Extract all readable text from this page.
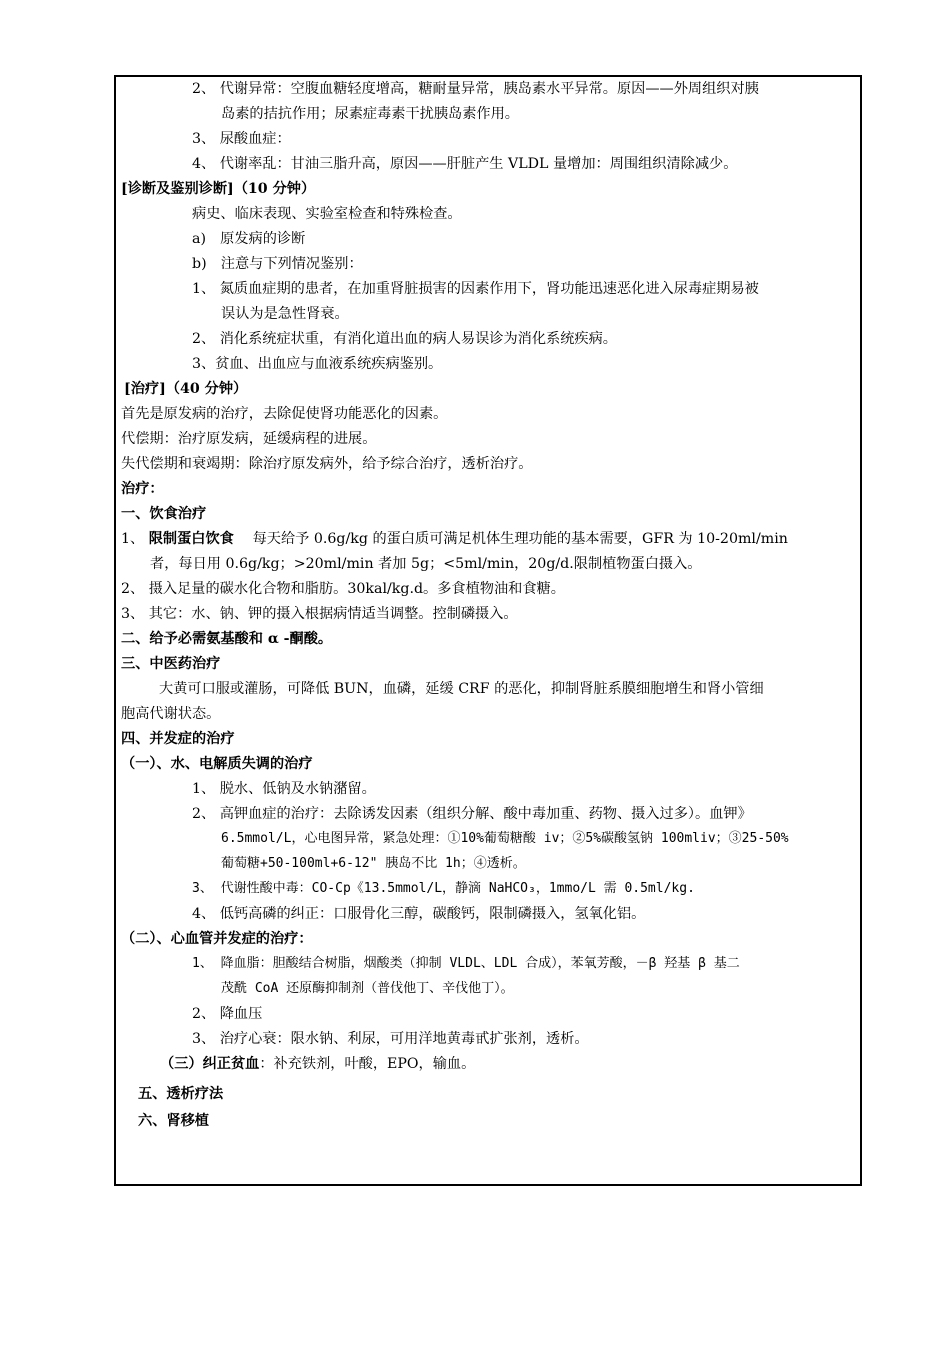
2、 代谢异常：空腹血糖轻度增高，糖耐量异常，胰岛素水平异常。原因——外周组织对胰
岛素的拮抗作用；尿素症毒素干扰胰岛素作用。
3、 尿酸血症：
4、 代谢率乱：甘油三脂升高，原因——肝脏产生 VLDL 量增加：周围组织清除减少。
[诊断及鉴别诊断]（10 分钟）
病史、临床表现、实验室检查和特殊检查。
a)　原发病的诊断
b)　注意与下列情况鉴别：
1、 氮质血症期的患者，在加重肾脏损害的因素作用下，肾功能迅速恶化进入尿毒症期易被
误认为是急性肾衰。
2、 消化系统症状重，有消化道出血的病人易误诊为消化系统疾病。
3、贫血、出血应与血液系统疾病鉴别。
[治疗]（40 分钟）
首先是原发病的治疗，去除促使肾功能恶化的因素。
代偿期：治疗原发病，延缓病程的进展。
失代偿期和衰竭期：除治疗原发病外，给予综合治疗，透析治疗。
治疗：
一、饮食治疗
1、 限制蛋白饮食 　每天给予 0.6g/kg 的蛋白质可满足机体生理功能的基本需要，GFR 为 10-20ml/min
者，每日用 0.6g/kg；>20ml/min 者加 5g；<5ml/min，20g/d.限制植物蛋白摄入。
2、 摄入足量的碳水化合物和脂肪。30kal/kg.d。多食植物油和食糖。
3、 其它：水、钠、钾的摄入根据病情适当调整。控制磷摄入。
二、给予必需氨基酸和 α -酮酸。
三、中医药治疗
大黄可口服或灌肠，可降低 BUN，血磷，延缓 CRF 的恶化，抑制肾脏系膜细胞增生和肾小管细
胞高代谢状态。
四、并发症的治疗
（一）、水、电解质失调的治疗
1、 脱水、低钠及水钠潴留。
2、 高钾血症的治疗：去除诱发因素（组织分解、酸中毒加重、药物、摄入过多）。血钾》
6.5mmol/L，心电图异常，紧急处理：①10%葡萄糖酸 iv；②5%碳酸氢钠 100mliv；③25-50%
葡萄糖+50-100ml+6-12" 胰岛不比 1h；④透析。
3、 代谢性酸中毒：CO-Cp《13.5mmol/L，静滴 NaHCO₃，1mmo/L 需 0.5ml/kg.
4、 低钙高磷的纠正：口服骨化三醇，碳酸钙，限制磷摄入，氢氧化铝。
（二）、心血管并发症的治疗：
1、 降血脂：胆酸结合树脂，烟酸类（抑制 VLDL、LDL 合成），苯氧芳酸，－β 羟基 β 基二
茂酰 CoA 还原酶抑制剂（普伐他丁、辛伐他丁）。
2、 降血压
3、 治疗心衰：限水钠、利尿，可用洋地黄毒甙扩张剂，透析。
（三）纠正贫血：补充铁剂，叶酸，EPO，输血。
五、透析疗法
六、肾移植
